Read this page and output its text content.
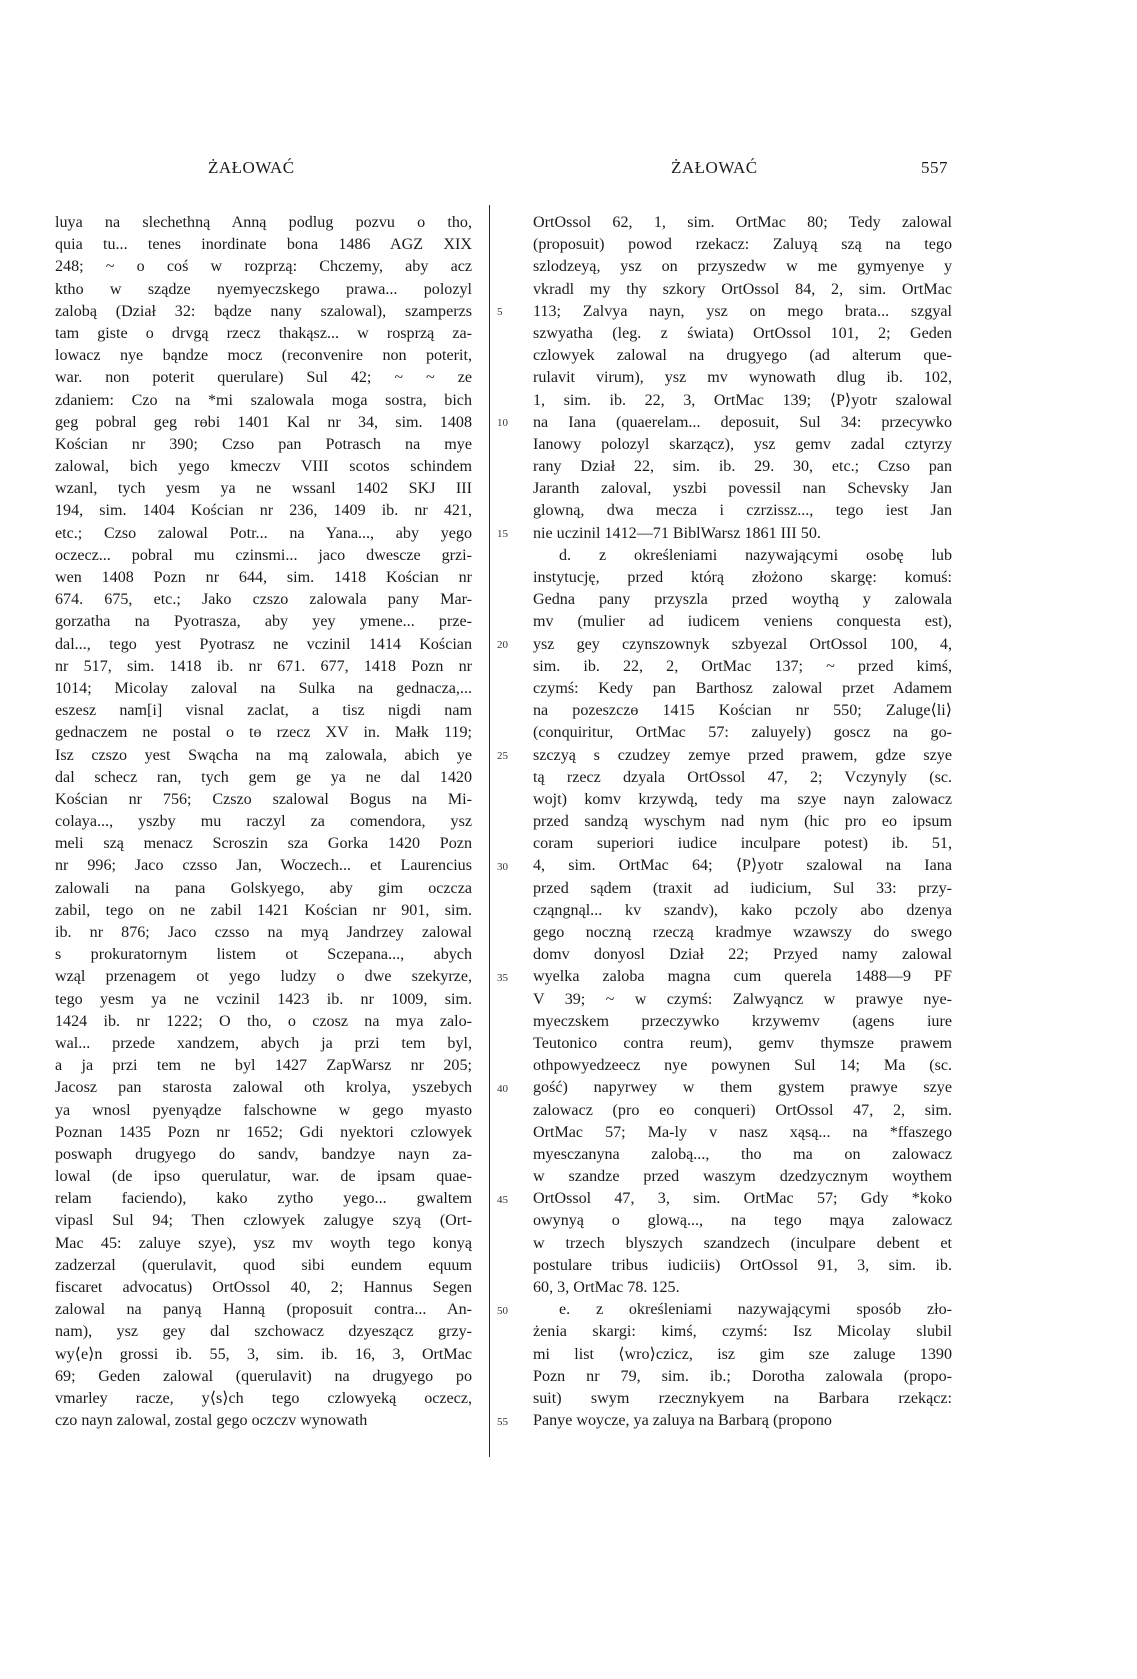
ŻAŁOWAĆ	ŻAŁOWAĆ	557
luya na slechethną Anną podlug pozvu o tho,
quia tu... tenes inordinate bona 1486 AGZ XIX
248; ~ o coś w rozprzą: Chczemy, aby acz
ktho w sządze nyemyeczskego prawa... polozyl
zalobą (Dział 32: bądze nany szalowal), szamperzs
tam giste o drvgą rzecz thakąsz... w rosprzą za-
lowacz nye bąndze mocz (reconvenire non poterit,
war. non poterit querulare) Sul 42; ~ ~ ze
zdaniem: Czo na *mi szalowala moga sostra, bich
geg pobral geg rөbi 1401 Kal nr 34, sim. 1408
Kościan nr 390; Czso pan Potrasch na mye
zalowal, bich yego kmeczv VIII scotos schindem
wzanl, tych yesm ya ne wssanl 1402 SKJ III
194, sim. 1404 Kościan nr 236, 1409 ib. nr 421,
etc.; Czso zalowal Potr... na Yana..., aby yego
oczecz... pobral mu czinsmi... jaco dwescze grzi-
wen 1408 Pozn nr 644, sim. 1418 Kościan nr
674. 675, etc.; Jako czszo zalowala pany Mar-
gorzatha na Pyotrasza, aby yey ymene... prze-
dal..., tego yest Pyotrasz ne vczinil 1414 Kościan
nr 517, sim. 1418 ib. nr 671. 677, 1418 Pozn nr
1014; Micolay zaloval na Sulka na gednacza,...
eszesz nam[i] visnal zaclat, a tisz nigdi nam
gednaczem ne postal o tө rzecz XV in. Małk 119;
Isz czszo yest Swącha na mą zalowala, abich ye
dal schecz ran, tych gem ge ya ne dal 1420
Kościan nr 756; Czszo szalowal Bogus na Mi-
colaya..., yszby mu raczyl za comendora, ysz
meli szą menacz Scroszin sza Gorka 1420 Pozn
nr 996; Jaco czsso Jan, Woczech... et Laurencius
zalowali na pana Golskyego, aby gim oczcza
zabil, tego on ne zabil 1421 Kościan nr 901, sim.
ib. nr 876; Jaco czsso na myą Jandrzey zalowal
s prokuratornym listem ot Sczepana..., abych
wząl przenagem ot yego ludzy o dwe szekyrze,
tego yesm ya ne vczinil 1423 ib. nr 1009, sim.
1424 ib. nr 1222; O tho, o czosz na mya zalo-
wal... przede xandzem, abych ja przi tem byl,
a ja przi tem ne byl 1427 ZapWarsz nr 205;
Jacosz pan starosta zalowal oth krolya, yszebych
ya wnosl pyenyądze falschowne w gego myasto
Poznan 1435 Pozn nr 1652; Gdi nyektori czlowyek
poswaph drugyego do sandv, bandzye nayn za-
lowal (de ipso querulatur, war. de ipsam quae-
relam faciendo), kako zytho yego... gwaltem
vipasl Sul 94; Then czlowyek zalugye szyą (Ort-
Mac 45: zaluye szye), ysz mv woyth tego konyą
zadzerzal (querulavit, quod sibi eundem equum
fiscaret advocatus) OrtOssol 40, 2; Hannus Segen
zalowal na panyą Hanną (proposuit contra... An-
nam), ysz gey dal szchowacz dzyeszącz grzy-
wy⟨e⟩n grossi ib. 55, 3, sim. ib. 16, 3, OrtMac
69; Geden zalowal (querulavit) na drugyego po
vmarley racze, y⟨s⟩ch tego czlowyeką oczecz,
czo nayn zalowal, zostal gego oczczv wynowath
5
10
15
20
25
30
35
40
45
50
55
OrtOssol 62, 1, sim. OrtMac 80; Tedy zalowal
(proposuit) powod rzekacz: Zaluyą szą na tego
szlodzeyą, ysz on przyszedw w me gymyenye y
vkradl my thy szkory OrtOssol 84, 2, sim. OrtMac
113; Zalvya nayn, ysz on mego brata... szgyal
szwyatha (leg. z świata) OrtOssol 101, 2; Geden
czlowyek zalowal na drugyego (ad alterum que-
rulavit virum), ysz mv wynowath dlug ib. 102,
1, sim. ib. 22, 3, OrtMac 139; ⟨P⟩yotr szalowal
na Iana (quaerelam... deposuit, Sul 34: przecywko
Ianowy polozyl skarząсz), ysz gemv zadal cztyrzy
rany Dział 22, sim. ib. 29. 30, etc.; Czso pan
Jaranth zaloval, yszbi povessil nan Schevsky Jan
glowną, dwa mecza i czrzissz..., tego iest Jan
nie uczinil 1412—71 BiblWarsz 1861 III 50.
d. z określeniami nazywającymi osobę lub
instytucję, przed którą złożono skargę: komuś:
Gedna pany przyszla przed woythą y zalowala
mv (mulier ad iudicem veniens conquesta est),
ysz gey czynszownyk szbyezal OrtOssol 100, 4,
sim. ib. 22, 2, OrtMac 137; ~ przed kimś,
czymś: Kedy pan Barthosz zalowal przet Adamem
na pozeszczө 1415 Kościan nr 550; Zaluge⟨li⟩
(conquiritur, OrtMac 57: zaluyely) goscz na go-
szczyą s czudzey zemye przed prawem, gdze szye
tą rzecz dzyala OrtOssol 47, 2; Vczynyly (sc.
wojt) komv krzywdą, tedy ma szye nayn zalowacz
przed sandzą wyschym nad nym (hic pro eo ipsum
coram superiori iudice inculpare potest) ib. 51,
4, sim. OrtMac 64; ⟨P⟩yotr szalowal na Iana
przed sądem (traxit ad iudicium, Sul 33: przy-
cząngnąl... kv szandv), kako pczoly abo dzenya
gego noczną rzeczą kradmye wzawszy do swego
domv donyosl Dział 22; Przyed namy zalowal
wyelka zaloba magna cum querela 1488—9 PF
V 39; ~ w czymś: Zalwyąncz w prawye nye-
myeczskem przeczywko krzywemv (agens iure
Teutonico contra reum), gemv thymsze prawem
othpowyedzeecz nye powynen Sul 14; Ma (sc.
gość) napyrwey w them gystem prawye szye
zalowacz (pro eo conqueri) OrtOssol 47, 2, sim.
OrtMac 57; Ma-ly v nasz xąsą... na *ffaszego
myesczanyna zalobą..., tho ma on zalowacz
w szandze przed waszym dzedzycznym woythem
OrtOssol 47, 3, sim. OrtMac 57; Gdy *koko
owynyą o glową..., na tego mąya zalowacz
w trzech blyszych szandzech (inculpare debent et
postulare tribus iudiciis) OrtOssol 91, 3, sim. ib.
60, 3, OrtMac 78. 125.
e. z określeniami nazywającymi sposób zło-
żenia skargi: kimś, czymś: Isz Micolay slubil
mi list ⟨wro⟩czicz, isz gim sze zaluge 1390
Pozn nr 79, sim. ib.; Dorotha zalowala (propo-
suit) swym rzecznykyem na Barbara rzekącz:
Panye woycze, ya zaluya na Barbarą (propono
